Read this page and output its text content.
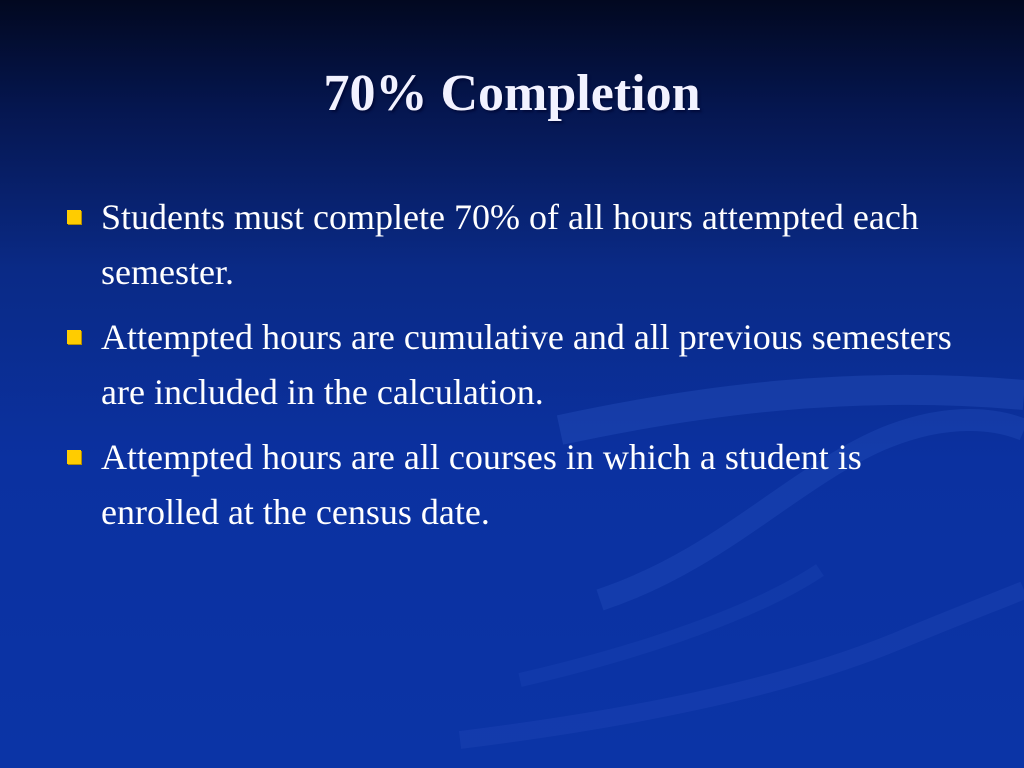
70% Completion
Students must complete 70% of all hours attempted each semester.
Attempted hours are cumulative and all previous semesters are included in the calculation.
Attempted hours are all courses in which a student is enrolled at the census date.
